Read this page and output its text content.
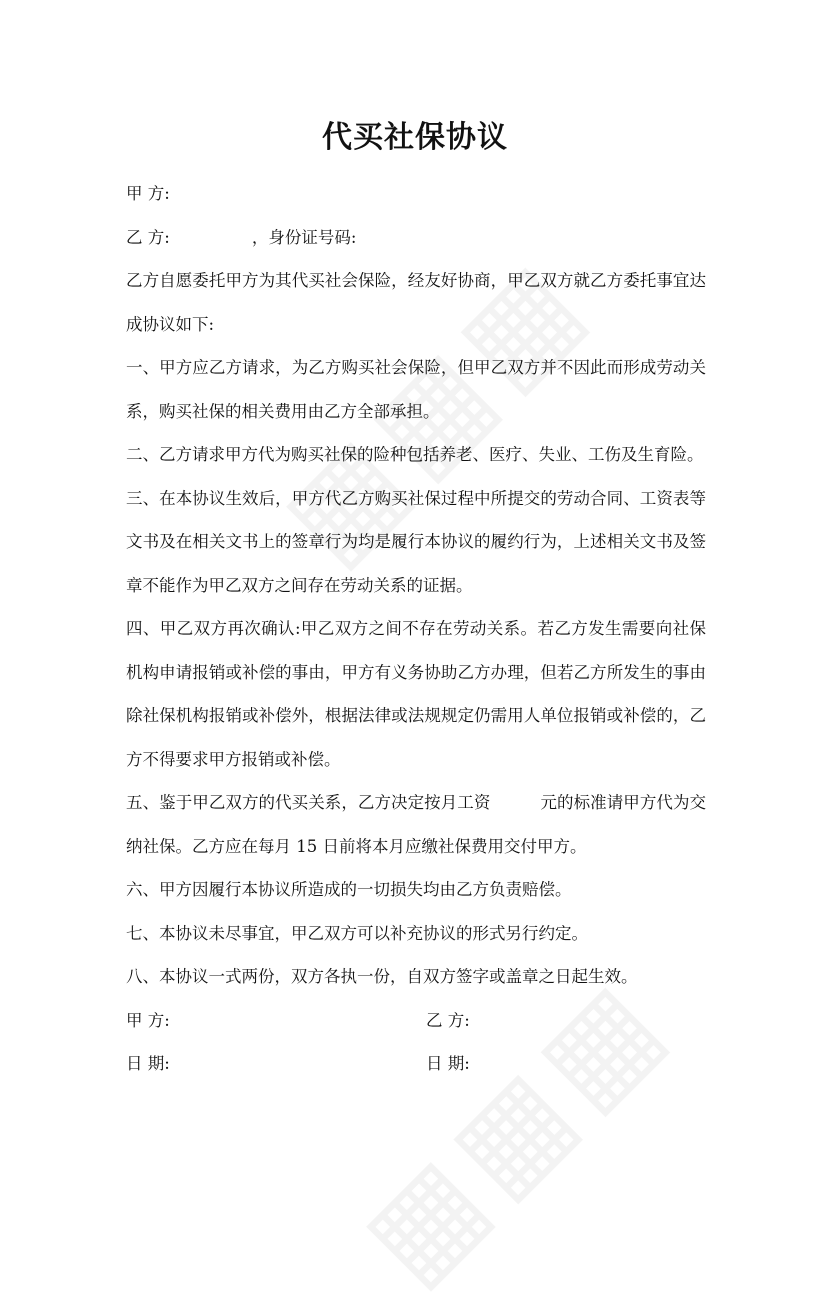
代买社保协议

甲 方:

乙 方:	，身份证号码:

乙方自愿委托甲方为其代买社会保险，经友好协商，甲乙双方就乙方委托事宜达成协议如下:

一、甲方应乙方请求，为乙方购买社会保险，但甲乙双方并不因此而形成劳动关系，购买社保的相关费用由乙方全部承担。

二、乙方请求甲方代为购买社保的险种包括养老、医疗、失业、工伤及生育险。

三、在本协议生效后，甲方代乙方购买社保过程中所提交的劳动合同、工资表等文书及在相关文书上的签章行为均是履行本协议的履约行为，上述相关文书及签章不能作为甲乙双方之间存在劳动关系的证据。

四、甲乙双方再次确认:甲乙双方之间不存在劳动关系。若乙方发生需要向社保机构申请报销或补偿的事由，甲方有义务协助乙方办理，但若乙方所发生的事由除社保机构报销或补偿外，根据法律或法规规定仍需用人单位报销或补偿的，乙方不得要求甲方报销或补偿。

五、鉴于甲乙双方的代买关系，乙方决定按月工资	元的标准请甲方代为交纳社保。乙方应在每月 15 日前将本月应缴社保费用交付甲方。

六、甲方因履行本协议所造成的一切损失均由乙方负责赔偿。

七、本协议未尽事宜，甲乙双方可以补充协议的形式另行约定。

八、本协议一式两份，双方各执一份，自双方签字或盖章之日起生效。

甲 方:	乙 方:
日 期:	日 期:
